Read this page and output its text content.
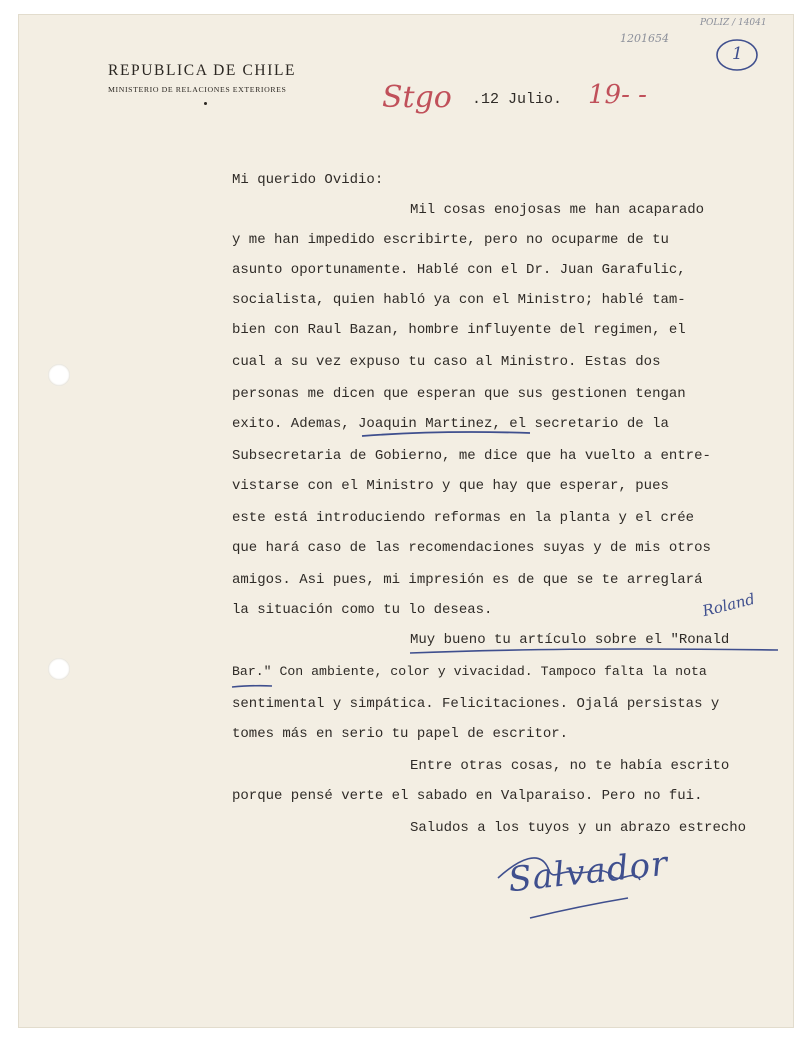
1201654
POLIZ / 14041
1
REPUBLICA DE CHILE
MINISTERIO DE RELACIONES EXTERIORES	Stgo .12 Julio. 19- -
Mi querido Ovidio:
Mil cosas enojosas me han acaparado
y me han impedido escribirte, pero no ocuparme de tu
asunto oportunamente. Hablé con el Dr. Juan Garafulic,
socialista, quien habló ya con el Ministro; hablé tam-
bien con Raul Bazan, hombre influyente del regimen, el
cual a su vez expuso tu caso al Ministro. Estas dos
personas me dicen que esperan que sus gestionen tengan
exito. Ademas, Joaquin Martinez, el secretario de la
Subsecretaria de Gobierno, me dice que ha vuelto a entre-
vistarse con el Ministro y que hay que esperar, pues
este está introduciendo reformas en la planta y el crée
que hará caso de las recomendaciones suyas y de mis otros
amigos. Asi pues, mi impresión es de que se te arreglará
la situación como tu lo deseas.
Muy bueno tu artículo sobre el "Ronald
Bar." Con ambiente, color y vivacidad. Tampoco falta la nota
sentimental y simpática. Felicitaciones. Ojalá persistas y
tomes más en serio tu papel de escritor.
Entre otras cosas, no te había escrito
porque pensé verte el sabado en Valparaiso. Pero no fui.
Saludos a los tuyos y un abrazo estrecho
Roland
Salvador
